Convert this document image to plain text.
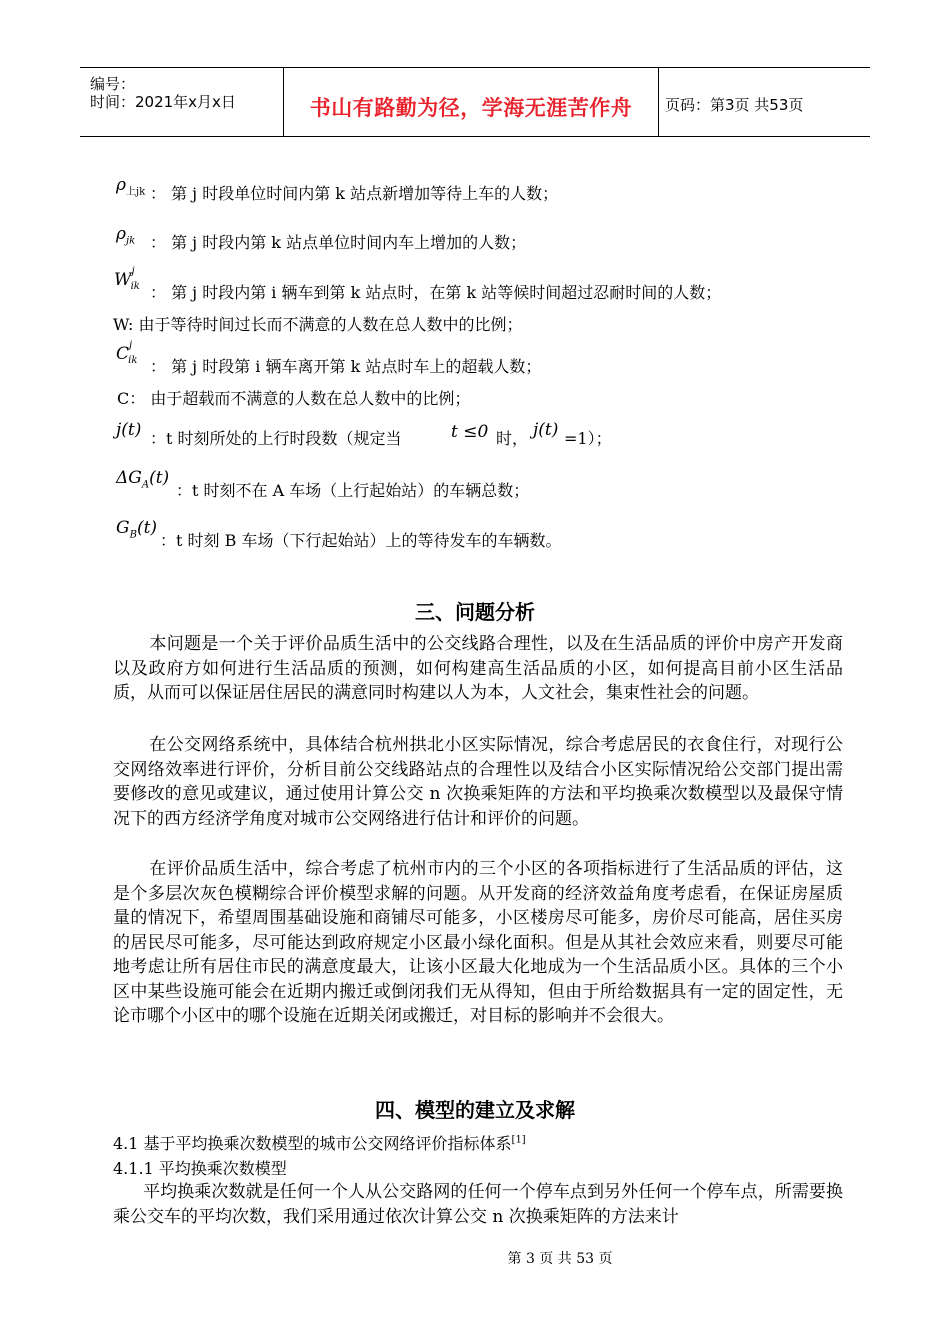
编号：
时间：2021年x月x日	书山有路勤为径，学海无涯苦作舟	页码：第3页 共53页
$\rho_{上jk}$ ： 第 j 时段单位时间内第 k 站点新增加等待上车的人数；
$\rho_{jk}$ ： 第 j 时段内第 k 站点单位时间内车上增加的人数；
$W^j_{ik}$ ： 第 j 时段内第 i 辆车到第 k 站点时，在第 k 站等候时间超过忍耐时间的人数；
W: 由于等待时间过长而不满意的人数在总人数中的比例；
$C^j_{ik}$ ： 第 j 时段第 i 辆车离开第 k 站点时车上的超载人数；
C： 由于超载而不满意的人数在总人数中的比例；
j(t) ：t 时刻所处的上行时段数（规定当	t ≤0 时， j(t) =1）；
$\Delta G_A(t)$
：t 时刻不在 A 车场（上行起始站）的车辆总数；
$G_B(t)$
：t 时刻 B 车场（下行起始站）上的等待发车的车辆数。
三、问题分析
本问题是一个关于评价品质生活中的公交线路合理性，以及在生活品质的评价中房产开发商以及政府方如何进行生活品质的预测，如何构建高生活品质的小区，如何提高目前小区生活品质，从而可以保证居住居民的满意同时构建以人为本，人文社会，集束性社会的问题。
在公交网络系统中，具体结合杭州拱北小区实际情况，综合考虑居民的衣食住行，对现行公交网络效率进行评价，分析目前公交线路站点的合理性以及结合小区实际情况给公交部门提出需要修改的意见或建议，通过使用计算公交 n 次换乘矩阵的方法和平均换乘次数模型以及最保守情况下的西方经济学角度对城市公交网络进行估计和评价的问题。
在评价品质生活中，综合考虑了杭州市内的三个小区的各项指标进行了生活品质的评估，这是个多层次灰色模糊综合评价模型求解的问题。从开发商的经济效益角度考虑看，在保证房屋质量的情况下，希望周围基础设施和商铺尽可能多，小区楼房尽可能多，房价尽可能高，居住买房的居民尽可能多，尽可能达到政府规定小区最小绿化面积。但是从其社会效应来看，则要尽可能地考虑让所有居住市民的满意度最大，让该小区最大化地成为一个生活品质小区。具体的三个小区中某些设施可能会在近期内搬迁或倒闭我们无从得知，但由于所给数据具有一定的固定性，无论市哪个小区中的哪个设施在近期关闭或搬迁，对目标的影响并不会很大。
四、模型的建立及求解
4.1 基于平均换乘次数模型的城市公交网络评价指标体系[1]
4.1.1 平均换乘次数模型
平均换乘次数就是任何一个人从公交路网的任何一个停车点到另外任何一个停车点，所需要换乘公交车的平均次数，我们采用通过依次计算公交 n 次换乘矩阵的方法来计
第 3 页 共 53 页
